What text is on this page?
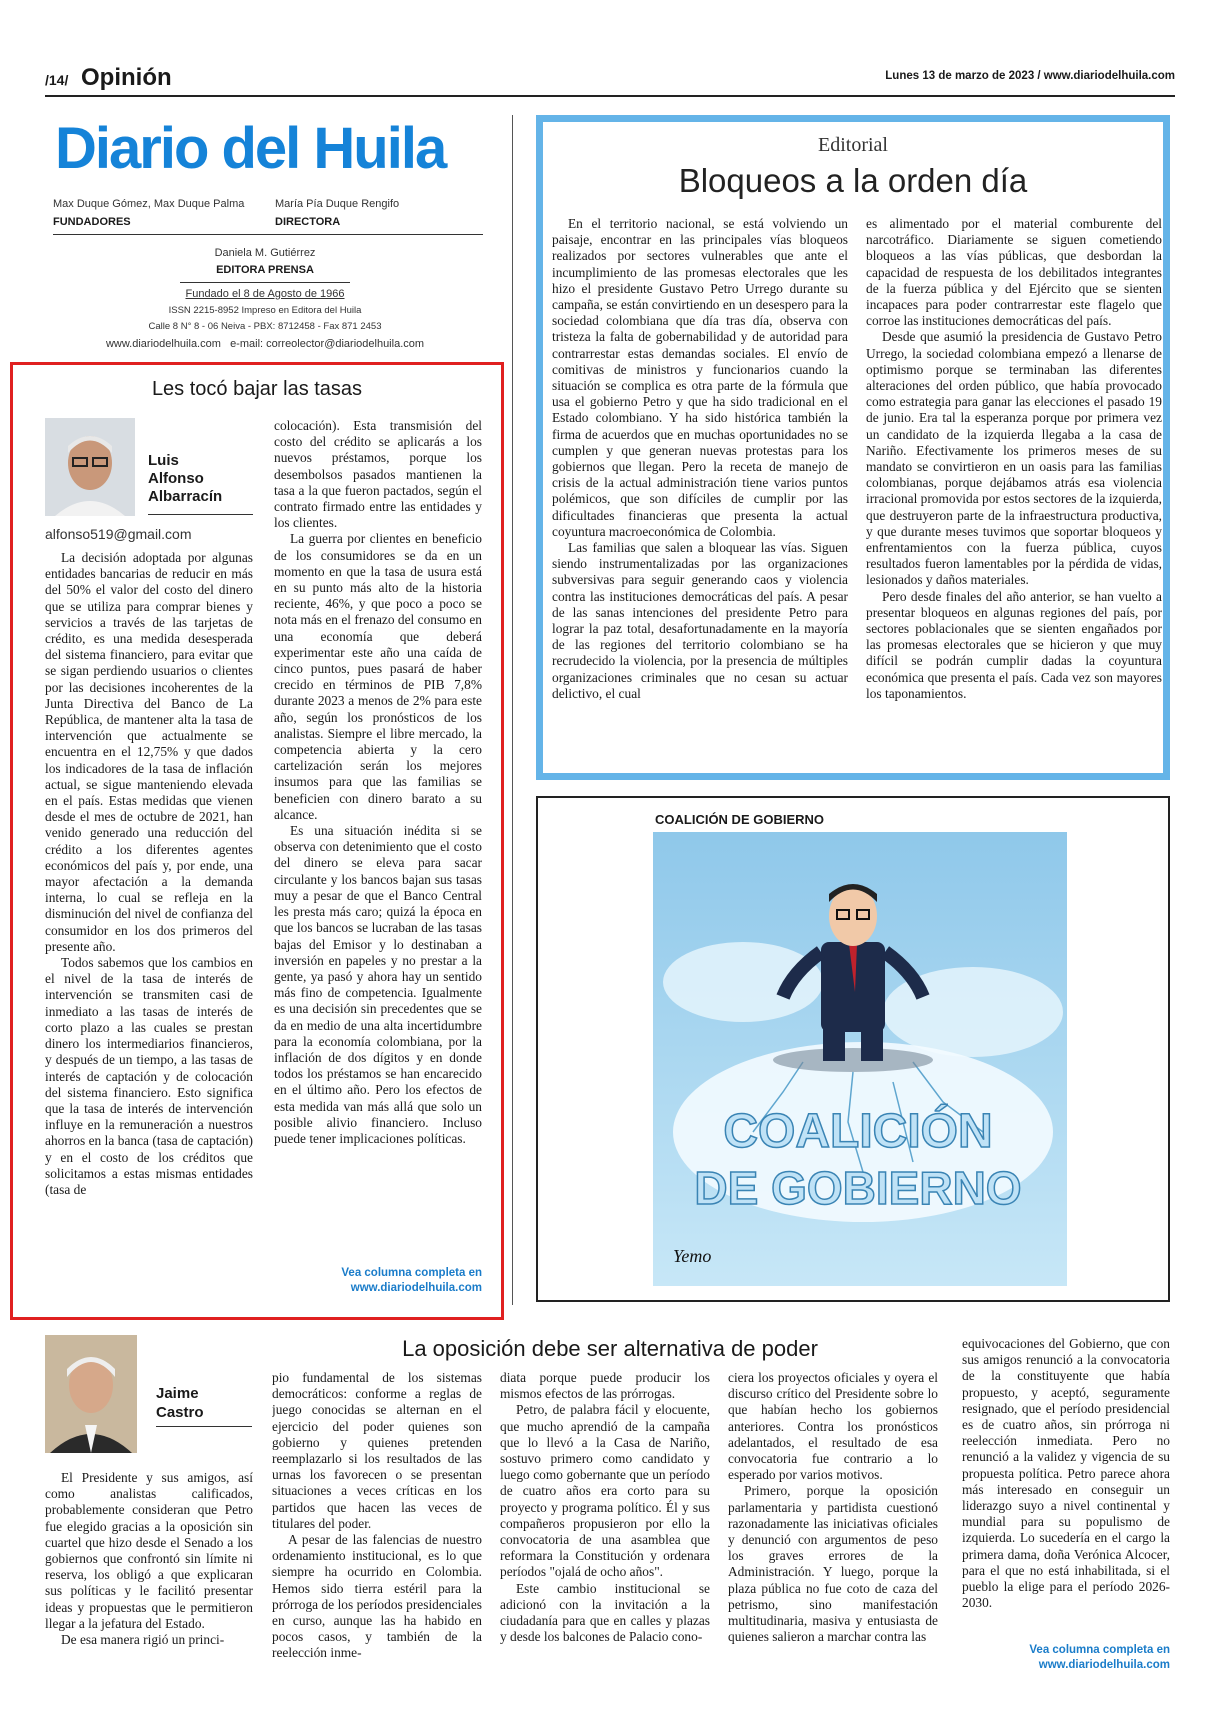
/14/ Opinión	Lunes 13 de marzo de 2023 / www.diariodelhuila.com
Diario del Huila
Max Duque Gómez, Max Duque Palma
FUNDADORES
María Pía Duque Rengifo
DIRECTORA
Daniela M. Gutiérrez
EDITORA PRENSA
Fundado el 8 de Agosto de 1966
ISSN 2215-8952 Impreso en Editora del Huila
Calle 8 N° 8 - 06 Neiva - PBX: 8712458 - Fax 871 2453
www.diariodelhuila.com   e-mail: correolector@diariodelhuila.com
Les tocó bajar las tasas
Luis
Alfonso
Albarracín
alfonso519@gmail.com

La decisión adoptada por algunas entidades bancarias de reducir en más del 50% el valor del costo del dinero que se utiliza para comprar bienes y servicios a través de las tarjetas de crédito, es una medida desesperada del sistema financiero, para evitar que se sigan perdiendo usuarios o clientes por las decisiones incoherentes de la Junta Directiva del Banco de La República, de mantener alta la tasa de intervención que actualmente se encuentra en el 12,75% y que dados los indicadores de la tasa de inflación actual, se sigue manteniendo elevada en el país. Estas medidas que vienen desde el mes de octubre de 2021, han venido generado una reducción del crédito a los diferentes agentes económicos del país y, por ende, una mayor afectación a la demanda interna, lo cual se refleja en la disminución del nivel de confianza del consumidor en los dos primeros del presente año.

Todos sabemos que los cambios en el nivel de la tasa de interés de intervención se transmiten casi de inmediato a las tasas de interés de corto plazo a las cuales se prestan dinero los intermediarios financieros, y después de un tiempo, a las tasas de interés de captación y de colocación del sistema financiero. Esto significa que la tasa de interés de intervención influye en la remuneración a nuestros ahorros en la banca (tasa de captación) y en el costo de los créditos que solicitamos a estas mismas entidades (tasa de

colocación). Esta transmisión del costo del crédito se aplicarás a los nuevos préstamos, porque los desembolsos pasados mantienen la tasa a la que fueron pactados, según el contrato firmado entre las entidades y los clientes.

La guerra por clientes en beneficio de los consumidores se da en un momento en que la tasa de usura está en su punto más alto de la historia reciente, 46%, y que poco a poco se nota más en el frenazo del consumo en una economía que deberá experimentar este año una caída de cinco puntos, pues pasará de haber crecido en términos de PIB 7,8% durante 2023 a menos de 2% para este año, según los pronósticos de los analistas. Siempre el libre mercado, la competencia abierta y la cero cartelización serán los mejores insumos para que las familias se beneficien con dinero barato a su alcance.

Es una situación inédita si se observa con detenimiento que el costo del dinero se eleva para sacar circulante y los bancos bajan sus tasas muy a pesar de que el Banco Central les presta más caro; quizá la época en que los bancos se lucraban de las tasas bajas del Emisor y lo destinaban a inversión en papeles y no prestar a la gente, ya pasó y ahora hay un sentido más fino de competencia. Igualmente es una decisión sin precedentes que se da en medio de una alta incertidumbre para la economía colombiana, por la inflación de dos dígitos y en donde todos los préstamos se han encarecido en el último año. Pero los efectos de esta medida van más allá que solo un posible alivio financiero. Incluso puede tener implicaciones políticas.

Vea columna completa en
www.diariodelhuila.com
Editorial
Bloqueos a la orden día

En el territorio nacional, se está volviendo un paisaje, encontrar en las principales vías bloqueos realizados por sectores vulnerables que ante el incumplimiento de las promesas electorales que les hizo el presidente Gustavo Petro Urrego durante su campaña, se están convirtiendo en un desespero para la sociedad colombiana que día tras día, observa con tristeza la falta de gobernabilidad y de autoridad para contrarrestar estas demandas sociales. El envío de comitivas de ministros y funcionarios cuando la situación se complica es otra parte de la fórmula que usa el gobierno Petro y que ha sido tradicional en el Estado colombiano. Y ha sido histórica también la firma de acuerdos que en muchas oportunidades no se cumplen y que generan nuevas protestas para los gobiernos que llegan. Pero la receta de manejo de crisis de la actual administración tiene varios puntos polémicos, que son difíciles de cumplir por las dificultades financieras que presenta la actual coyuntura macroeconómica de Colombia.

Las familias que salen a bloquear las vías. Siguen siendo instrumentalizadas por las organizaciones subversivas para seguir generando caos y violencia contra las instituciones democráticas del país. A pesar de las sanas intenciones del presidente Petro para lograr la paz total, desafortunadamente en la mayoría de las regiones del territorio colombiano se ha recrudecido la violencia, por la presencia de múltiples organizaciones criminales que no cesan su actuar delictivo, el cual

es alimentado por el material comburente del narcotráfico. Diariamente se siguen cometiendo bloqueos a las vías públicas, que desbordan la capacidad de respuesta de los debilitados integrantes de la fuerza pública y del Ejército que se sienten incapaces para poder contrarrestar este flagelo que corroe las instituciones democráticas del país.

Desde que asumió la presidencia de Gustavo Petro Urrego, la sociedad colombiana empezó a llenarse de optimismo porque se terminaban las diferentes alteraciones del orden público, que había provocado como estrategia para ganar las elecciones el pasado 19 de junio. Era tal la esperanza porque por primera vez un candidato de la izquierda llegaba a la casa de Nariño. Efectivamente los primeros meses de su mandato se convirtieron en un oasis para las familias colombianas, porque dejábamos atrás esa violencia irracional promovida por estos sectores de la izquierda, que destruyeron parte de la infraestructura productiva, y que durante meses tuvimos que soportar bloqueos y enfrentamientos con la fuerza pública, cuyos resultados fueron lamentables por la pérdida de vidas, lesionados y daños materiales.

Pero desde finales del año anterior, se han vuelto a presentar bloqueos en algunas regiones del país, por sectores poblacionales que se sienten engañados por las promesas electorales que se hicieron y que muy difícil se podrán cumplir dadas la coyuntura económica que presenta el país. Cada vez son mayores los taponamientos.

COALICIÓN DE GOBIERNO
COALICIÓN
DE GOBIERNO
Yemo
La oposición debe ser alternativa de poder
Jaime
Castro

El Presidente y sus amigos, así como analistas calificados, probablemente consideran que Petro fue elegido gracias a la oposición sin cuartel que hizo desde el Senado a los gobiernos que confrontó sin límite ni reserva, los obligó a que explicaran sus políticas y le facilitó presentar ideas y propuestas que le permitieron llegar a la jefatura del Estado.

De esa manera rigió un princi-

pio fundamental de los sistemas democráticos: conforme a reglas de juego conocidas se alternan en el ejercicio del poder quienes son gobierno y quienes pretenden reemplazarlo si los resultados de las urnas los favorecen o se presentan situaciones a veces críticas en los partidos que hacen las veces de titulares del poder.

A pesar de las falencias de nuestro ordenamiento institucional, es lo que siempre ha ocurrido en Colombia. Hemos sido tierra estéril para la prórroga de los períodos presidenciales en curso, aunque las ha habido en pocos casos, y también de la reelección inme-

diata porque puede producir los mismos efectos de las prórrogas.

Petro, de palabra fácil y elocuente, que mucho aprendió de la campaña que lo llevó a la Casa de Nariño, sostuvo primero como candidato y luego como gobernante que un período de cuatro años era corto para su proyecto y programa político. Él y sus compañeros propusieron por ello la convocatoria de una asamblea que reformara la Constitución y ordenara períodos "ojalá de ocho años".

Este cambio institucional se adicionó con la invitación a la ciudadanía para que en calles y plazas y desde los balcones de Palacio cono-

ciera los proyectos oficiales y oyera el discurso crítico del Presidente sobre lo que habían hecho los gobiernos anteriores. Contra los pronósticos adelantados, el resultado de esa convocatoria fue contrario a lo esperado por varios motivos.

Primero, porque la oposición parlamentaria y partidista cuestionó razonadamente las iniciativas oficiales y denunció con argumentos de peso los graves errores de la Administración. Y luego, porque la plaza pública no fue coto de caza del petrismo, sino manifestación multitudinaria, masiva y entusiasta de quienes salieron a marchar contra las

equivocaciones del Gobierno, que con sus amigos renunció a la convocatoria de la constituyente que había propuesto, y aceptó, seguramente resignado, que el período presidencial es de cuatro años, sin prórroga ni reelección inmediata. Pero no renunció a la validez y vigencia de su propuesta política. Petro parece ahora más interesado en conseguir un liderazgo suyo a nivel continental y mundial para su populismo de izquierda. Lo sucedería en el cargo la primera dama, doña Verónica Alcocer, para el que no está inhabilitada, si el pueblo la elige para el período 2026-2030.

Vea columna completa en
www.diariodelhuila.com
